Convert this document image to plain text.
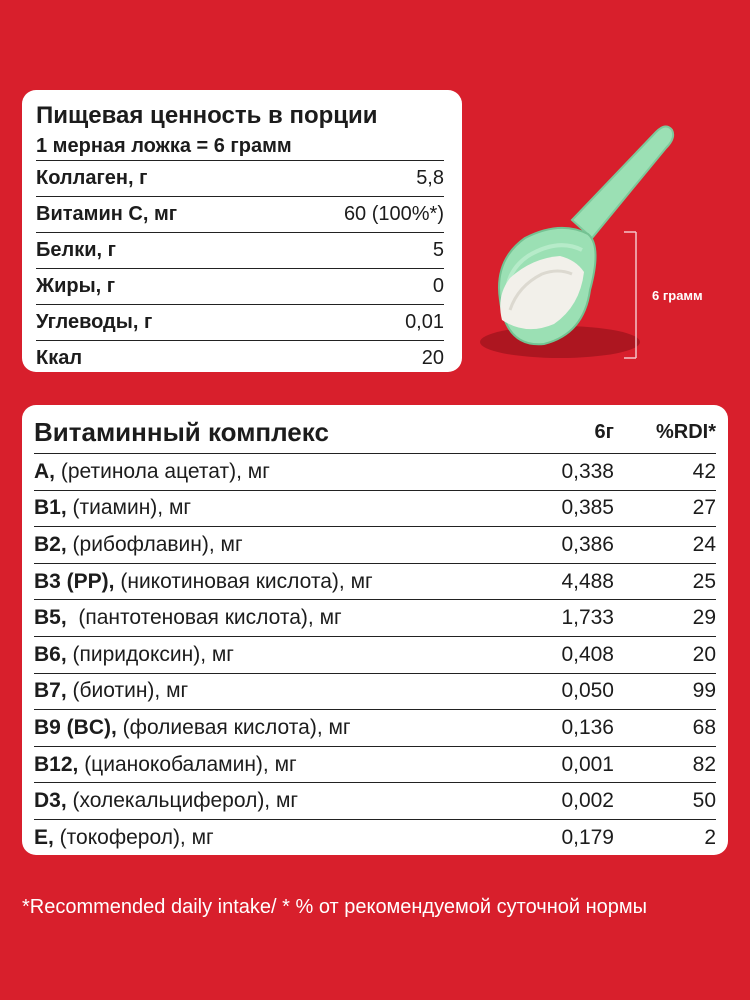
Пищевая ценность в порции
1 мерная ложка = 6 грамм
Коллаген, г	5,8
Витамин С, мг	60 (100%*)
Белки, г	5
Жиры, г	0
Углеводы, г	0,01
Ккал	20
6 грамм
Витаминный комплекс	6г	%RDI*
A, (ретинола ацетат), мг	0,338	42
B1, (тиамин), мг	0,385	27
B2, (рибофлавин), мг	0,386	24
B3 (PP), (никотиновая кислота), мг	4,488	25
B5,  (пантотеновая кислота), мг	1,733	29
B6, (пиридоксин), мг	0,408	20
B7, (биотин), мг	0,050	99
B9 (BC), (фолиевая кислота), мг	0,136	68
B12, (цианокобаламин), мг	0,001	82
D3, (холекальциферол), мг	0,002	50
E, (токоферол), мг	0,179	2
*Recommended daily intake/ * % от рекомендуемой суточной нормы
